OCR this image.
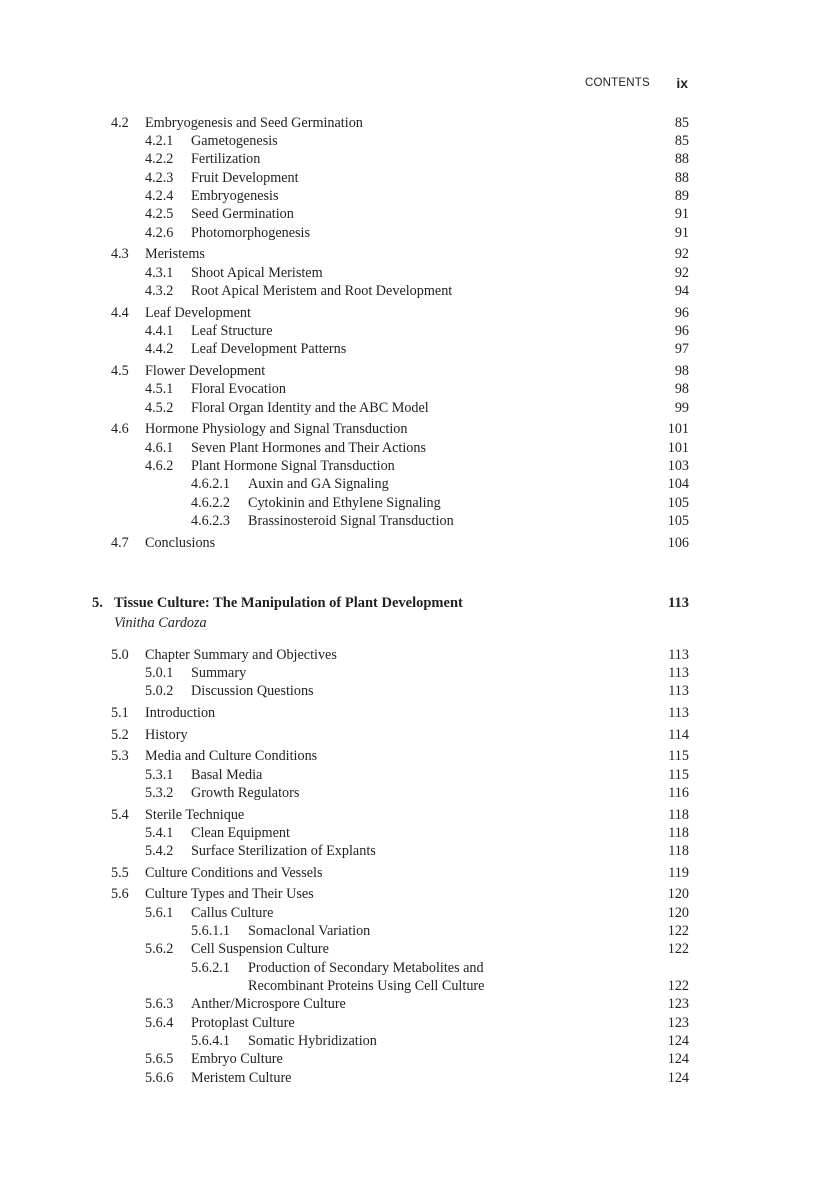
CONTENTS ix
4.2 Embryogenesis and Seed Germination	85
4.2.1 Gametogenesis	85
4.2.2 Fertilization	88
4.2.3 Fruit Development	88
4.2.4 Embryogenesis	89
4.2.5 Seed Germination	91
4.2.6 Photomorphogenesis	91
4.3 Meristems	92
4.3.1 Shoot Apical Meristem	92
4.3.2 Root Apical Meristem and Root Development	94
4.4 Leaf Development	96
4.4.1 Leaf Structure	96
4.4.2 Leaf Development Patterns	97
4.5 Flower Development	98
4.5.1 Floral Evocation	98
4.5.2 Floral Organ Identity and the ABC Model	99
4.6 Hormone Physiology and Signal Transduction	101
4.6.1 Seven Plant Hormones and Their Actions	101
4.6.2 Plant Hormone Signal Transduction	103
4.6.2.1 Auxin and GA Signaling	104
4.6.2.2 Cytokinin and Ethylene Signaling	105
4.6.2.3 Brassinosteroid Signal Transduction	105
4.7 Conclusions	106
5. Tissue Culture: The Manipulation of Plant Development	113
5.0 Chapter Summary and Objectives	113
5.0.1 Summary	113
5.0.2 Discussion Questions	113
5.1 Introduction	113
5.2 History	114
5.3 Media and Culture Conditions	115
5.3.1 Basal Media	115
5.3.2 Growth Regulators	116
5.4 Sterile Technique	118
5.4.1 Clean Equipment	118
5.4.2 Surface Sterilization of Explants	118
5.5 Culture Conditions and Vessels	119
5.6 Culture Types and Their Uses	120
5.6.1 Callus Culture	120
5.6.1.1 Somaclonal Variation	122
5.6.2 Cell Suspension Culture	122
5.6.2.1 Production of Secondary Metabolites and
Recombinant Proteins Using Cell Culture	122
5.6.3 Anther/Microspore Culture	123
5.6.4 Protoplast Culture	123
5.6.4.1 Somatic Hybridization	124
5.6.5 Embryo Culture	124
5.6.6 Meristem Culture	124
Vinitha Cardoza
